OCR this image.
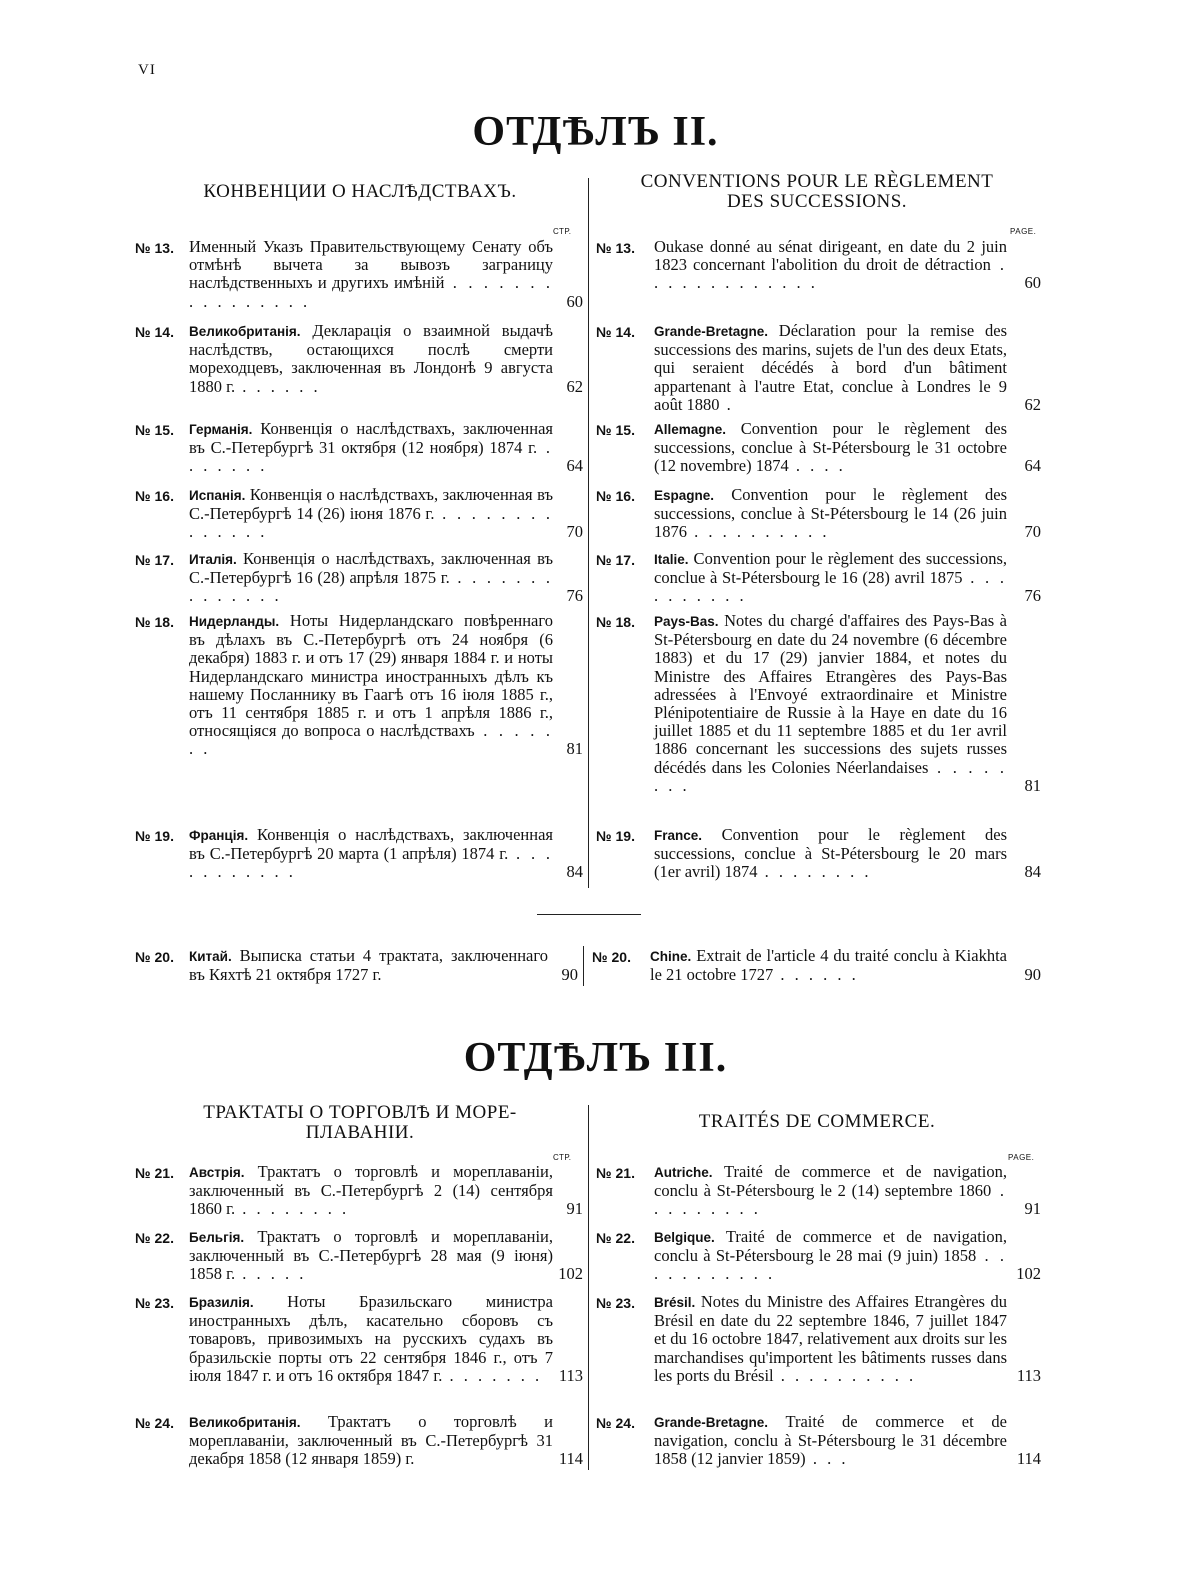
VI
ОТДѢЛЪ II.
КОНВЕНЦИИ О НАСЛѢДСТВАХЪ.	CONVENTIONS POUR LE RÈGLEMENT
DES SUCCESSIONS.
СТР.	PAGE.
№ 13. Именный Указъ Правительствующему Сенату объ отмѣнѣ вычета за вывозъ заграницу наслѣдственныхъ и другихъ имѣній . . . . . . . . . . . . . . . .	60
№ 14.	Великобританія. Декларація о взаимной выдачѣ наслѣдствъ, остающихся послѣ смерти мореходцевъ, заключенная въ Лондонѣ 9 августа 1880 г. . . . . . .	62
№ 15.	Германія. Конвенція о наслѣдствахъ, заключенная въ С.-Петербургѣ 31 октября (12 ноября) 1874 г. . . . . . . .	64
№ 16.	Испанія. Конвенція о наслѣдствахъ, заключенная въ С.-Петербургѣ 14 (26) іюня 1876 г. . . . . . . . . . . . . . .	70
№ 17.	Италія. Конвенція о наслѣдствахъ, заключенная въ С.-Петербургѣ 16 (28) апрѣля 1875 г. . . . . . . . . . . . . . .	76
№ 18.	Нидерланды. Ноты Нидерландскаго повѣреннаго въ дѣлахъ въ С.-Петербургѣ отъ 24 ноября (6 декабря) 1883 г. и отъ 17 (29) января 1884 г. и ноты Нидерландскаго министра иностранныхъ дѣлъ къ нашему Посланнику въ Гаагѣ отъ 16 іюля 1885 г., отъ 11 сентября 1885 г. и отъ 1 апрѣля 1886 г., относящіяся до вопроса о наслѣдствахъ . . . . . . .	81
№ 19.	Франція. Конвенція о наслѣдствахъ, заключенная въ С.-Петербургѣ 20 марта (1 апрѣля) 1874 г. . . . . . . . . . . .	84
№ 13.	Oukase donné au sénat dirigeant, en date du 2 juin 1823 concernant l'abolition du droit de détraction . . . . . . . . . . . . .	60
№ 14.	Grande-Bretagne. Déclaration pour la remise des successions des marins, sujets de l'un des deux Etats, qui seraient décédés à bord d'un bâtiment appartenant à l'autre Etat, conclue à Londres le 9 août 1880 .	62
№ 15.	Allemagne. Convention pour le règlement des successions, conclue à St-Pétersbourg le 31 octobre (12 novembre) 1874 . . . .	64
№ 16.	Espagne. Convention pour le règlement des successions, conclue à St-Pétersbourg le 14 (26 juin 1876 . . . . . . . . . .	70
№ 17.	Italie. Convention pour le règlement des successions, conclue à St-Pétersbourg le 16 (28) avril 1875 . . . . . . . . . .	76
№ 18.	Pays-Bas. Notes du chargé d'affaires des Pays-Bas à St-Pétersbourg en date du 24 novembre (6 décembre 1883) et du 17 (29) janvier 1884, et notes du Ministre des Affaires Etrangères des Pays-Bas adressées à l'Envoyé extraordinaire et Ministre Plénipotentiaire de Russie à la Haye en date du 16 juillet 1885 et du 11 septembre 1885 et du 1er avril 1886 concernant les successions des sujets russes décédés dans les Colonies Néerlandaises . . . . . . . .	81
№ 19.	France. Convention pour le règlement des successions, conclue à St-Pétersbourg le 20 mars (1er avril) 1874 . . . . . . . .	84
№ 20.	Китай. Выписка статьи 4 трактата, заключеннаго въ Кяхтѣ 21 октября 1727 г.	90
№ 20.	Chine. Extrait de l'article 4 du traité conclu à Kiakhta le 21 octobre 1727 . . . . . .	90
ОТДѢЛЪ III.
ТРАКТАТЫ О ТОРГОВЛѢ И МОРЕ-
ПЛАВАНІИ.
TRAITÉS DE COMMERCE.
СТР.	PAGE.
№ 21.	Австрія. Трактатъ о торговлѣ и мореплаваніи, заключенный въ С.-Петербургѣ 2 (14) сентября 1860 г. . . . . . . . .	91
№ 22.	Бельгія. Трактатъ о торговлѣ и мореплаваніи, заключенный въ С.-Петербургѣ 28 мая (9 іюня) 1858 г. . . . . .	102
№ 23.	Бразилія. Ноты Бразильскаго министра иностранныхъ дѣлъ, касательно сборовъ съ товаровъ, привозимыхъ на русскихъ судахъ въ бразильскіе порты отъ 22 сентября 1846 г., отъ 7 іюля 1847 г. и отъ 16 октября 1847 г. . . . . . . .	113
№ 24.	Великобританія. Трактатъ о торговлѣ и мореплаваніи, заключенный въ С.-Петербургѣ 31 декабря 1858 (12 января 1859) г.	114
№ 21.	Autriche. Traité de commerce et de navigation, conclu à St-Pétersbourg le 2 (14) septembre 1860 . . . . . . . . .	91
№ 22.	Belgique. Traité de commerce et de navigation, conclu à St-Pétersbourg le 28 mai (9 juin) 1858 . . . . . . . . . . .	102
№ 23.	Brésil. Notes du Ministre des Affaires Etrangères du Brésil en date du 22 septembre 1846, 7 juillet 1847 et du 16 octobre 1847, relativement aux droits sur les marchandises qu'importent les bâtiments russes dans les ports du Brésil . . . . . . . . . .	113
№ 24.	Grande-Bretagne. Traité de commerce et de navigation, conclu à St-Pétersbourg le 31 décembre 1858 (12 janvier 1859) . . .	114
